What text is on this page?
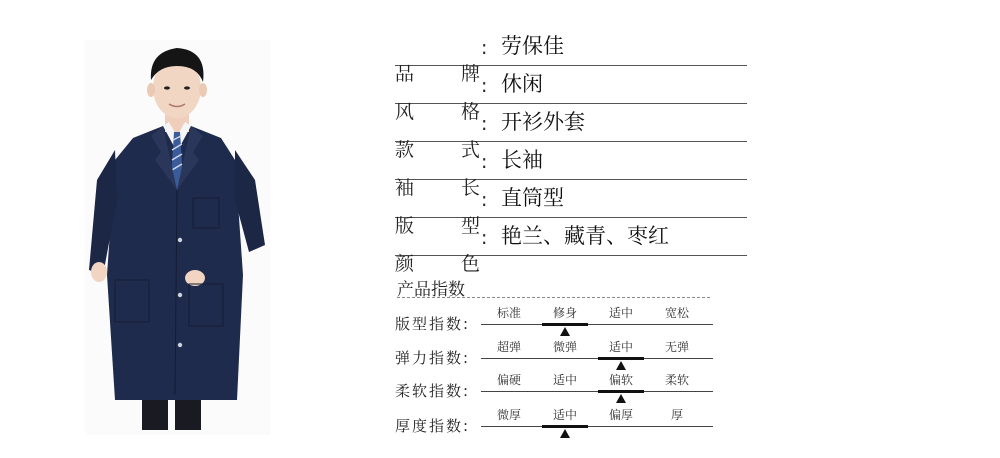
品 牌
: 劳保佳
风 格
: 休闲
款 式
: 开衫外套
袖 长
: 长袖
版 型
: 直筒型
颜 色
: 艳兰、藏青、枣红
产品指数
版型指数:
标准	修身	适中	宽松
弹力指数:
超弹	微弹	适中	无弹
柔软指数:
偏硬	适中	偏软	柔软
厚度指数:
微厚	适中	偏厚	厚
